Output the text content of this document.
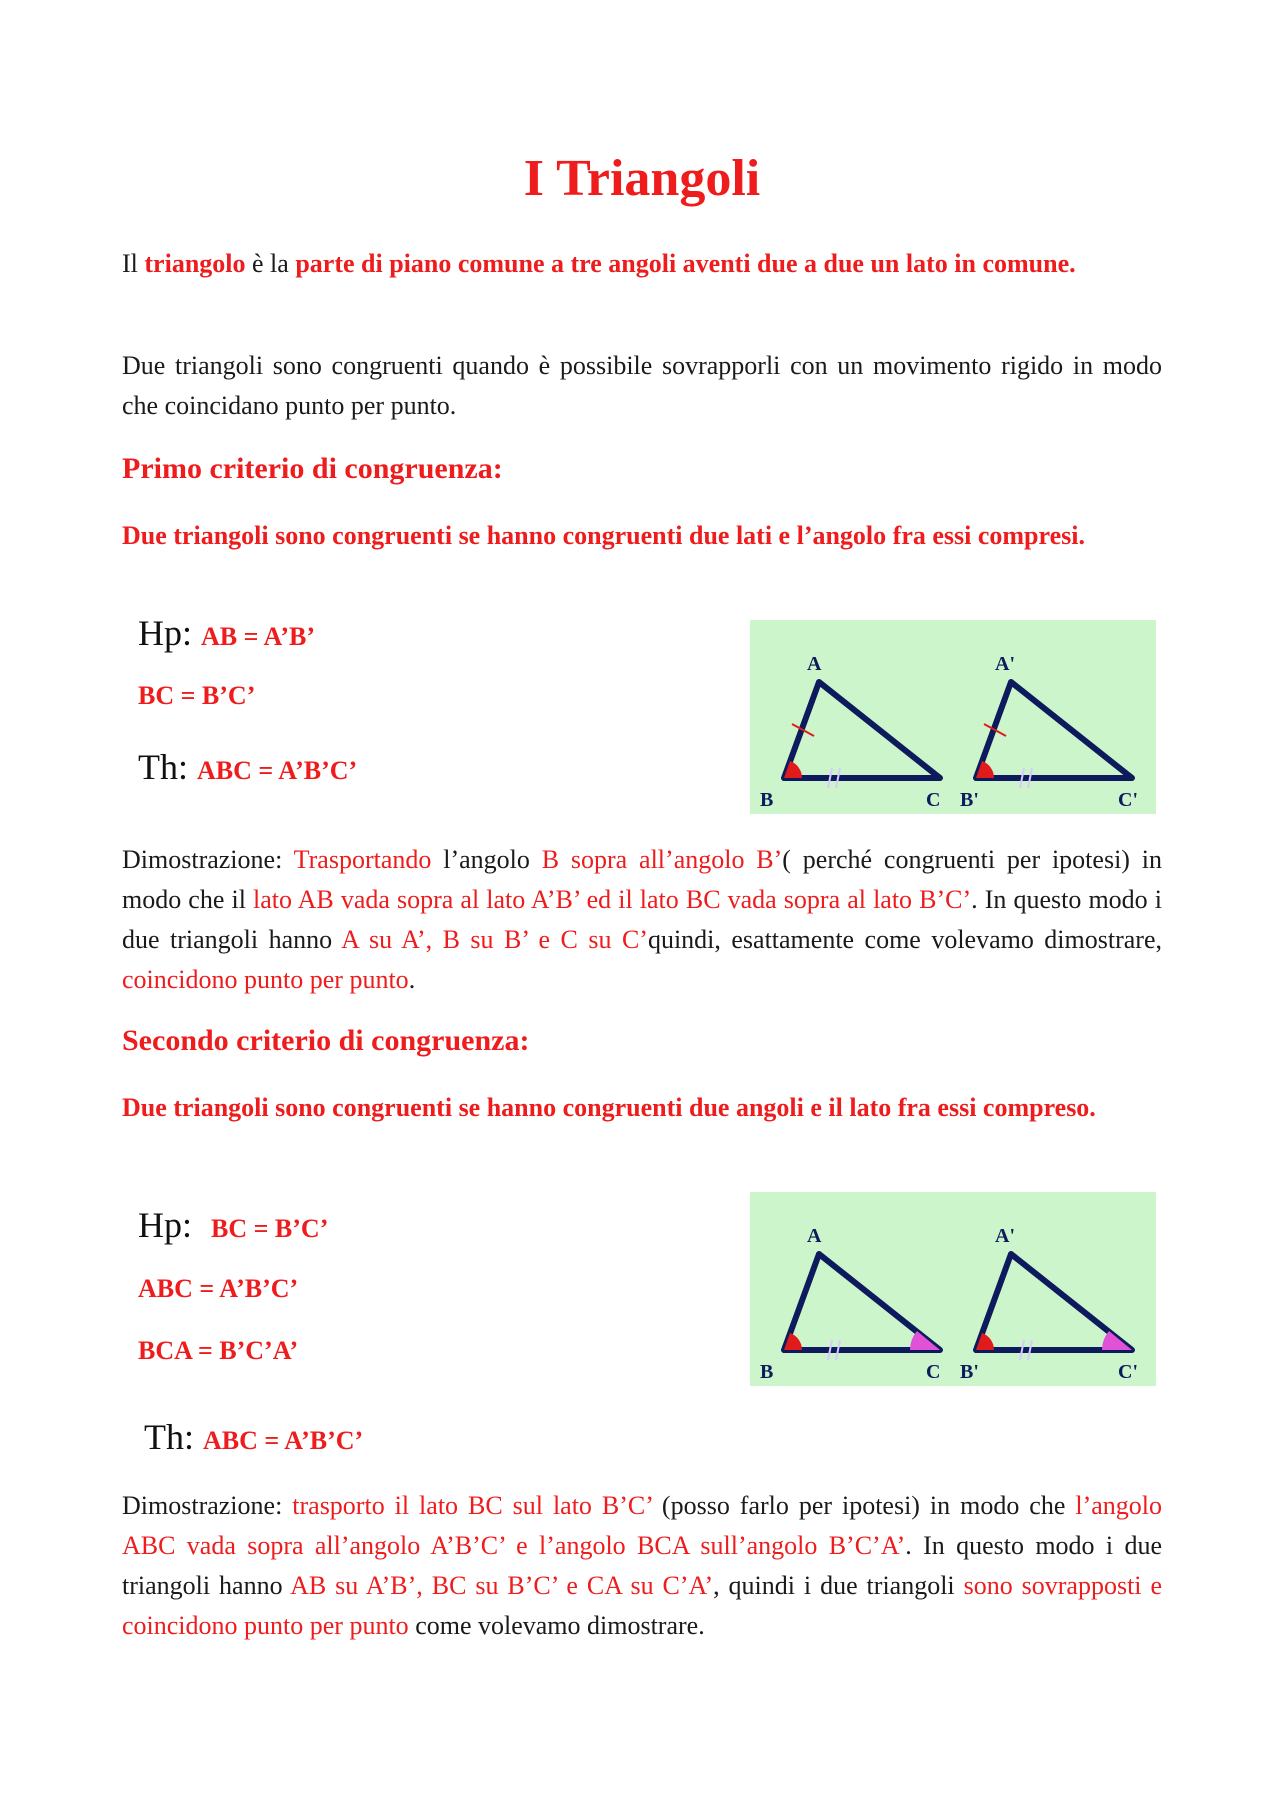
I Triangoli
Il triangolo è la parte di piano comune a tre angoli aventi due a due un lato in comune.
Due triangoli sono congruenti quando è possibile sovrapporli con un movimento rigido in modo che coincidano punto per punto.
Primo criterio di congruenza:
Due triangoli sono congruenti se hanno congruenti due lati e l’angolo fra essi compresi.
Hp: AB = A’B’
BC = B’C’
Th: ABC = A’B’C’
A
B	C
A'
B'	C'
Dimostrazione: Trasportando l’angolo B sopra all’angolo B’( perché congruenti per ipotesi) in modo che il lato AB vada sopra al lato A’B’ ed il lato BC vada sopra al lato B’C’. In questo modo i due triangoli hanno A su A’, B su B’ e C su C’quindi, esattamente come volevamo dimostrare, coincidono punto per punto.
Secondo criterio di congruenza:
Due triangoli sono congruenti se hanno congruenti due angoli e il lato fra essi compreso.
Hp: BC = B’C’
ABC = A’B’C’
BCA = B’C’A’
Th: ABC = A’B’C’
A
B	C
A'
B'	C'
Dimostrazione: trasporto il lato BC sul lato B’C’ (posso farlo per ipotesi) in modo che l’angolo ABC vada sopra all’angolo A’B’C’ e l’angolo BCA sull’angolo B’C’A’. In questo modo i due triangoli hanno AB su A’B’, BC su B’C’ e CA su C’A’, quindi i due triangoli sono sovrapposti e coincidono punto per punto come volevamo dimostrare.
